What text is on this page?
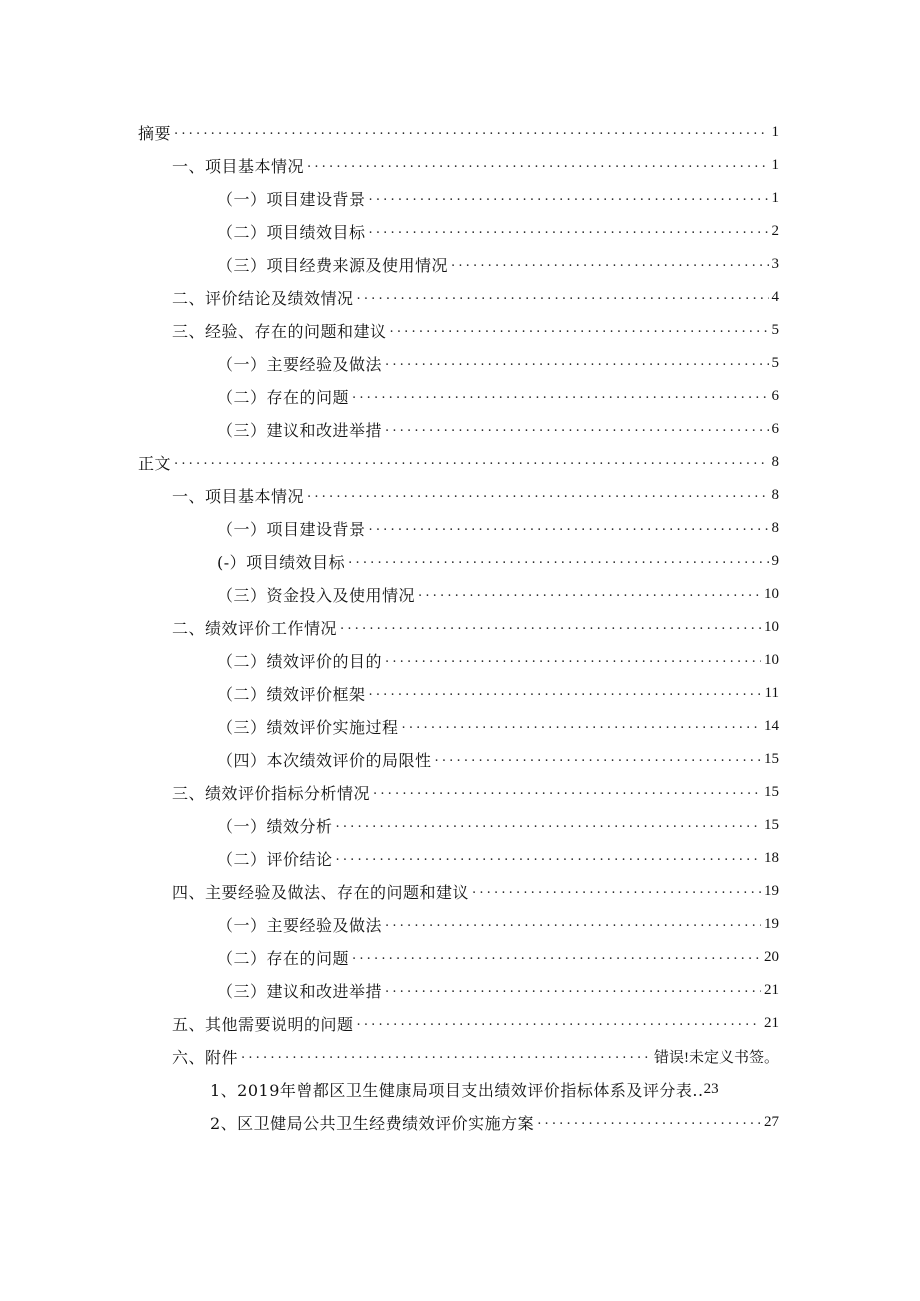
摘要 .....	1
一、项目基本情况 .....	1
（一）项目建设背景 .....	1
（二）项目绩效目标 .....	2
（三）项目经费来源及使用情况 .....	3
二、评价结论及绩效情况 .....	4
三、经验、存在的问题和建议 .....	5
（一）主要经验及做法 .....	5
（二）存在的问题 .....	6
（三）建议和改进举措 .....	6
正文 .....	8
一、项目基本情况 .....	8
（一）项目建设背景 .....	8
(-）项目绩效目标 .....	9
（三）资金投入及使用情况 .....	10
二、绩效评价工作情况 .....	10
（二）绩效评价的目的 .....	10
（二）绩效评价框架 .....	11
（三）绩效评价实施过程 .....	14
（四）本次绩效评价的局限性 .....	15
三、绩效评价指标分析情况 .....	15
（一）绩效分析 .....	15
（二）评价结论 .....	18
四、主要经验及做法、存在的问题和建议 .....	19
（一）主要经验及做法 .....	19
（二）存在的问题 .....	20
（三）建议和改进举措 .....	21
五、其他需要说明的问题 .....	21
六、附件 .....	错误!未定义书签。
1、2019年曾都区卫生健康局项目支出绩效评价指标体系及评分表.. 23
2、区卫健局公共卫生经费绩效评价实施方案 .....	27
